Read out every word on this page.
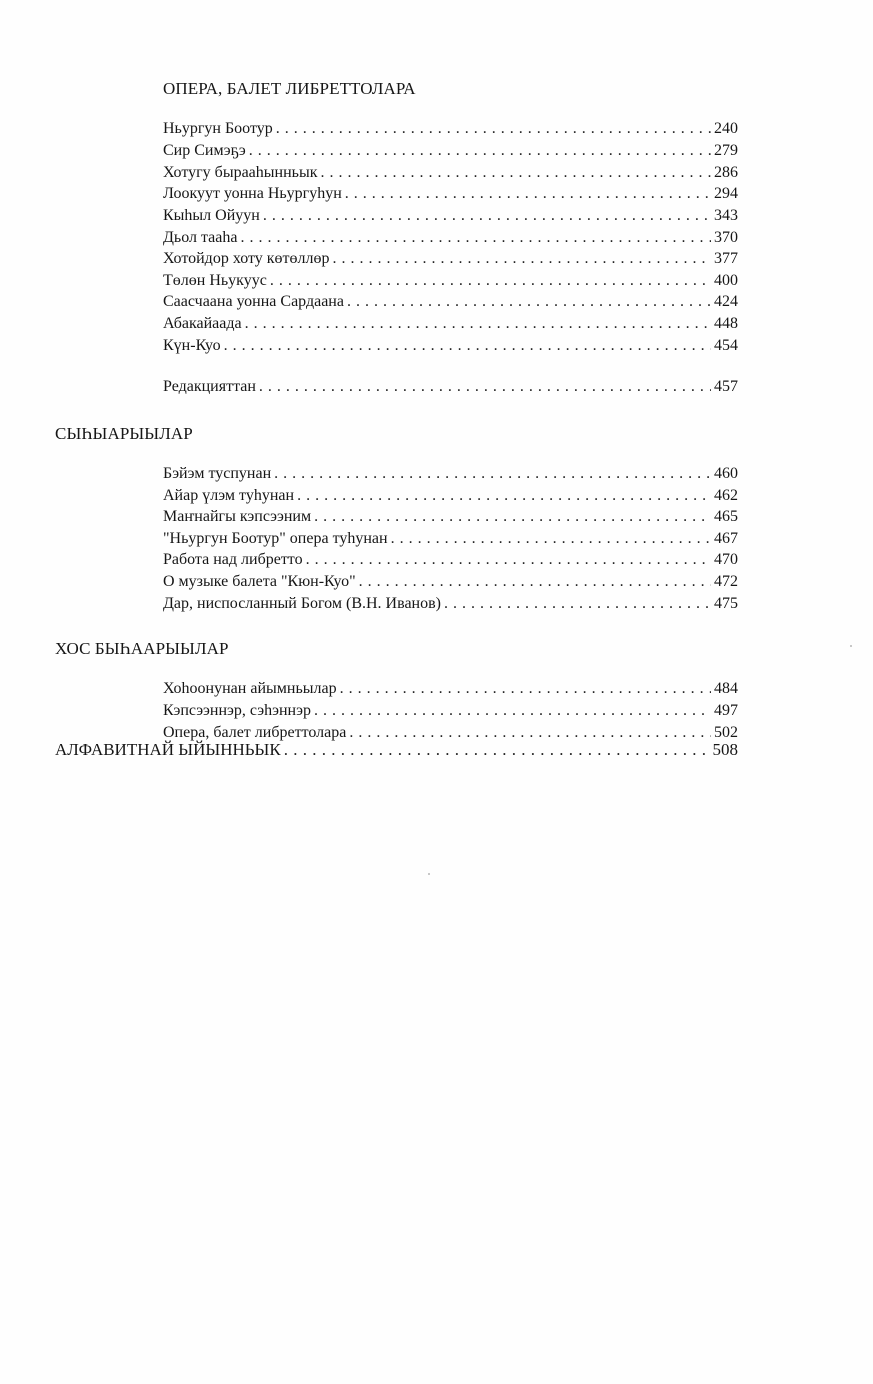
ОПЕРА, БАЛЕТ ЛИБРЕТТОЛАРА
Ньургун Боотур . . .	240
Сир Симэҕэ . . .	279
Хотугу бырааһынньык . . .	286
Лоокуут уонна Ньургуһун . . .	294
Кыһыл Ойуун . . .	343
Дьол тааһа . . .	370
Хотойдор хоту көтөллөр . . .	377
Төлөн Ньукуус . . .	400
Саасчаана уонна Сардаана . . .	424
Абакайаада . . .	448
Күн-Куо . . .	454
Редакцияттан . . .	457
СЫҺЫАРЫЫЛАР
Бэйэм туспунан . . .	460
Айар үлэм туһунан . . .	462
Маҥнайгы кэпсээним . . .	465
"Ньургун Боотур" опера туһунан . . .	467
Работа над либретто . . .	470
О музыке балета "Кюн-Куо" . . .	472
Дар, ниспосланный Богом (В.Н. Иванов) . . .	475
ХОС БЫҺААРЫЫЛАР
Хоһоонунан айымньылар . . .	484
Кэпсээннэр, сэһэннэр . . .	497
Опера, балет либреттолара . . .	502
АЛФАВИТНАЙ ЫЙЫННЬЫК . . .	508
